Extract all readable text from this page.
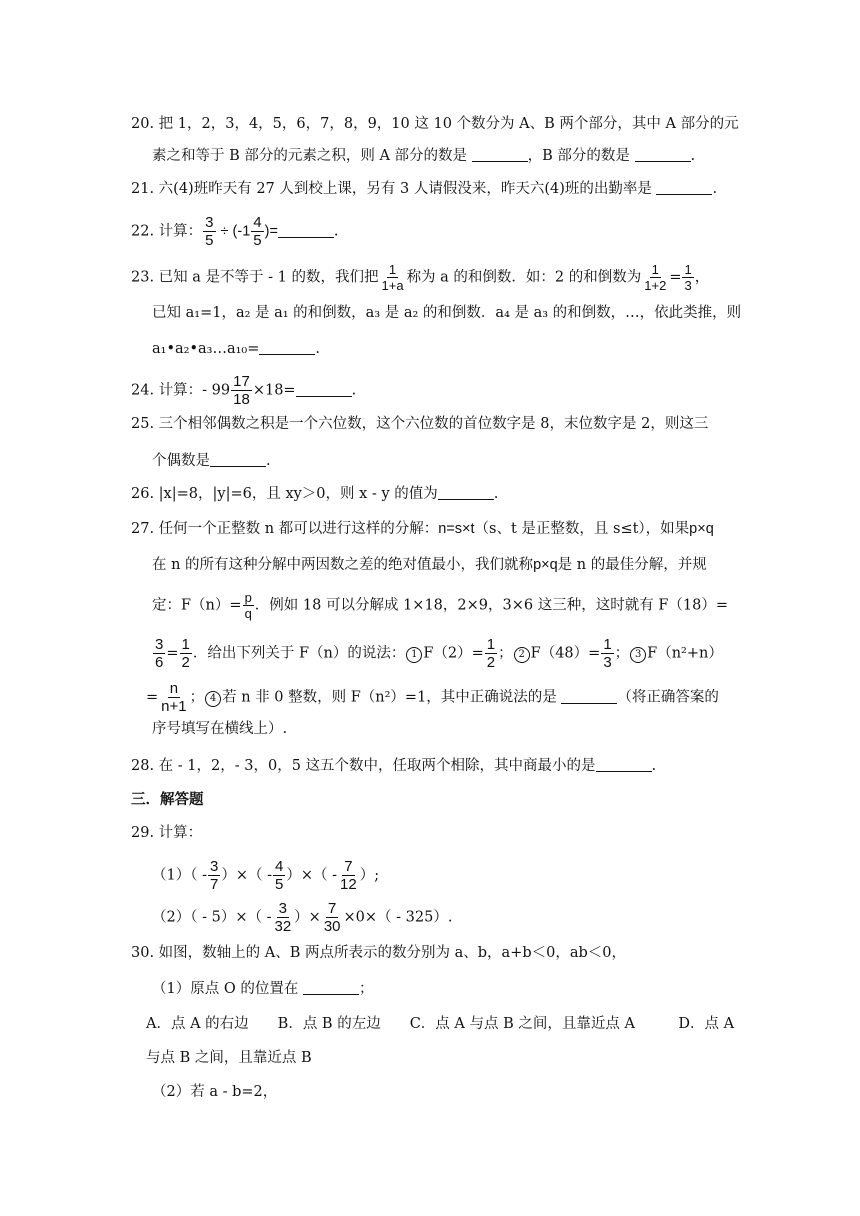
20. 把 1，2，3，4，5，6，7，8，9，10 这 10 个数分为 A、B 两个部分，其中 A 部分的元
素之和等于 B 部分的元素之积，则 A 部分的数是	，B 部分的数是	.
21. 六(4)班昨天有 27 人到校上课，另有 3 人请假没来，昨天六(4)班的出勤率是	.
22. 计算： $\frac{3}{5} \div (-1 \frac{4}{5}$ )=	.
23. 已知 a 是不等于 - 1 的数，我们把 $\frac{1}{1+a}$ 称为 a 的和倒数．如：2 的和倒数为 $\frac{1}{1+2} = \frac{1}{3}$ ，
已知 a₁=1，a₂ 是 a₁ 的和倒数，a₃ 是 a₂ 的和倒数．a₄ 是 a₃ 的和倒数，…，依此类推，则
a₁•a₂•a₃…a₁₀=	.
24. 计算：- $99 \frac{17}{18} \times 18=$	.
25. 三个相邻偶数之积是一个六位数，这个六位数的首位数字是 8，末位数字是 2，则这三
个偶数是	.
26. |x|=8，|y|=6，且 xy＞0，则 x - y 的值为	.
27. 任何一个正整数 n 都可以进行这样的分解：n=s×t（s、t 是正整数，且 s≤t），如果p×q
在 n 的所有这种分解中两因数之差的绝对值最小，我们就称p×q是 n 的最佳分解，并规
定：$F(n)= \frac{p}{q}$ ．例如 18 可以分解成 1×18，2×9，3×6 这三种，这时就有 F（18）=
$\frac{3}{6} = \frac{1}{2}$ ．给出下列关于 F（n）的说法： 1 $F(2)= \frac{1}{2}$ ； 2 $F(48)= \frac{1}{3}$ ； 3 F（n²+n）
= $\frac{n}{n+1}$ ； 4 若 n 非 0 整数，则 F（n²）=1，其中正确说法的是	（将正确答案的
序号填写在横线上）.
28. 在 - 1，2，- 3，0，5 这五个数中，任取两个相除，其中商最小的是	.
三．解答题
29. 计算：
$(1)( - \frac{3}{7}$ ）×（ - $\frac{4}{5}$ ）×（ - $\frac{7}{12}$ ）;
$(2)( - 5)\times( - \frac{3}{32}$ ）× $\frac{7}{30} \times 0\times( - 325)$.
30. 如图，数轴上的 A、B 两点所表示的数分别为 a、b，a+b＜0，ab＜0，
（1）原点 O 的位置在	；
A．点 A 的右边　　B．点 B 的左边　　C．点 A 与点 B 之间，且靠近点 A　　　D．点 A
与点 B 之间，且靠近点 B
（2）若 a - b=2，
